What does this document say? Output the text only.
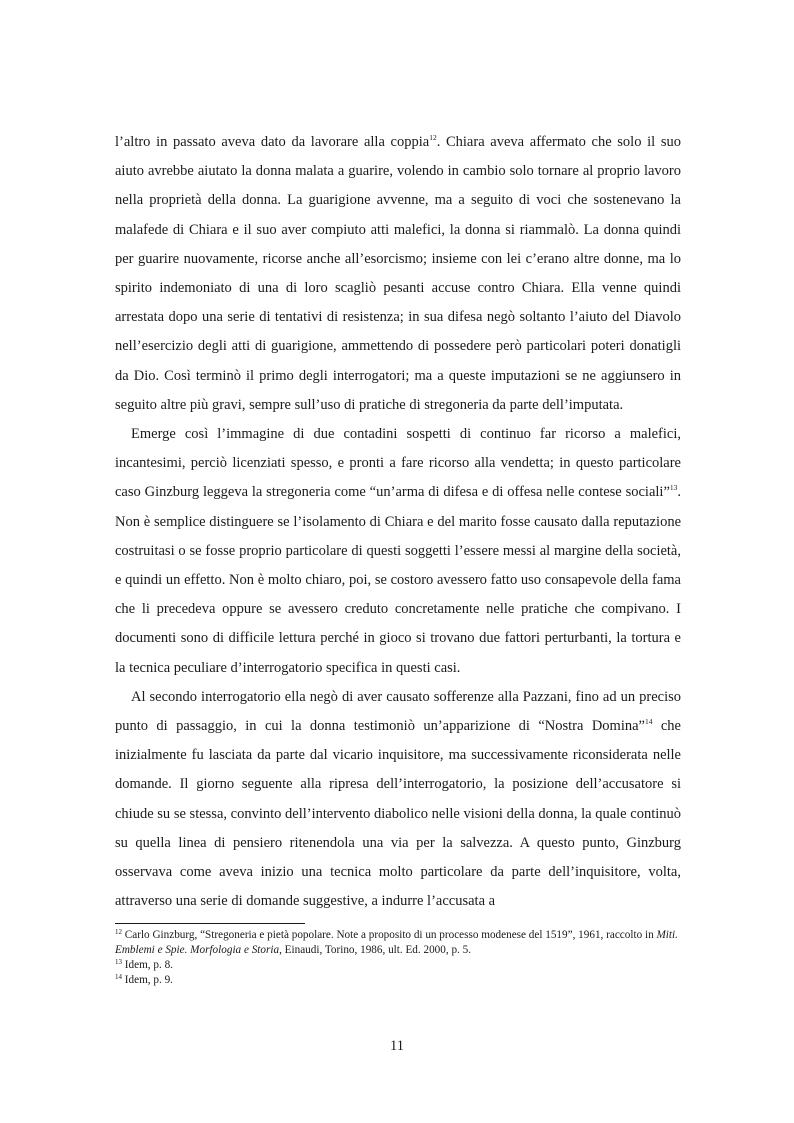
l’altro in passato aveva dato da lavorare alla coppia$^{12}$. Chiara aveva affermato che solo il suo aiuto avrebbe aiutato la donna malata a guarire, volendo in cambio solo tornare al proprio lavoro nella proprietà della donna. La guarigione avvenne, ma a seguito di voci che sostenevano la malafede di Chiara e il suo aver compiuto atti malefici, la donna si riammalò. La donna quindi per guarire nuovamente, ricorse anche all’esorcismo; insieme con lei c’erano altre donne, ma lo spirito indemoniato di una di loro scagliò pesanti accuse contro Chiara. Ella venne quindi arrestata dopo una serie di tentativi di resistenza; in sua difesa negò soltanto l’aiuto del Diavolo nell’esercizio degli atti di guarigione, ammettendo di possedere però particolari poteri donatigli da Dio. Così terminò il primo degli interrogatori; ma a queste imputazioni se ne aggiunsero in seguito altre più gravi, sempre sull’uso di pratiche di stregoneria da parte dell’imputata.

Emerge così l’immagine di due contadini sospetti di continuo far ricorso a malefici, incantesimi, perciò licenziati spesso, e pronti a fare ricorso alla vendetta; in questo particolare caso Ginzburg leggeva la stregoneria come “un’arma di difesa e di offesa nelle contese sociali”$^{13}$. Non è semplice distinguere se l’isolamento di Chiara e del marito fosse causato dalla reputazione costruitasi o se fosse proprio particolare di questi soggetti l’essere messi al margine della società, e quindi un effetto. Non è molto chiaro, poi, se costoro avessero fatto uso consapevole della fama che li precedeva oppure se avessero creduto concretamente nelle pratiche che compivano. I documenti sono di difficile lettura perché in gioco si trovano due fattori perturbanti, la tortura e la tecnica peculiare d’interrogatorio specifica in questi casi.

Al secondo interrogatorio ella negò di aver causato sofferenze alla Pazzani, fino ad un preciso punto di passaggio, in cui la donna testimoniò un’apparizione di “Nostra Domina”$^{14}$ che inizialmente fu lasciata da parte dal vicario inquisitore, ma successivamente riconsiderata nelle domande. Il giorno seguente alla ripresa dell’interrogatorio, la posizione dell’accusatore si chiude su se stessa, convinto dell’intervento diabolico nelle visioni della donna, la quale continuò su quella linea di pensiero ritenendola una via per la salvezza. A questo punto, Ginzburg osservava come aveva inizio una tecnica molto particolare da parte dell’inquisitore, volta, attraverso una serie di domande suggestive, a indurre l’accusata a

$^{12}$ Carlo Ginzburg, “Stregoneria e pietà popolare. Note a proposito di un processo modenese del 1519”, 1961, raccolto in Miti. Emblemi e Spie. Morfologia e Storia, Einaudi, Torino, 1986, ult. Ed. 2000, p. 5.

$^{13}$ Idem, p. 8.

$^{14}$ Idem, p. 9.

11
